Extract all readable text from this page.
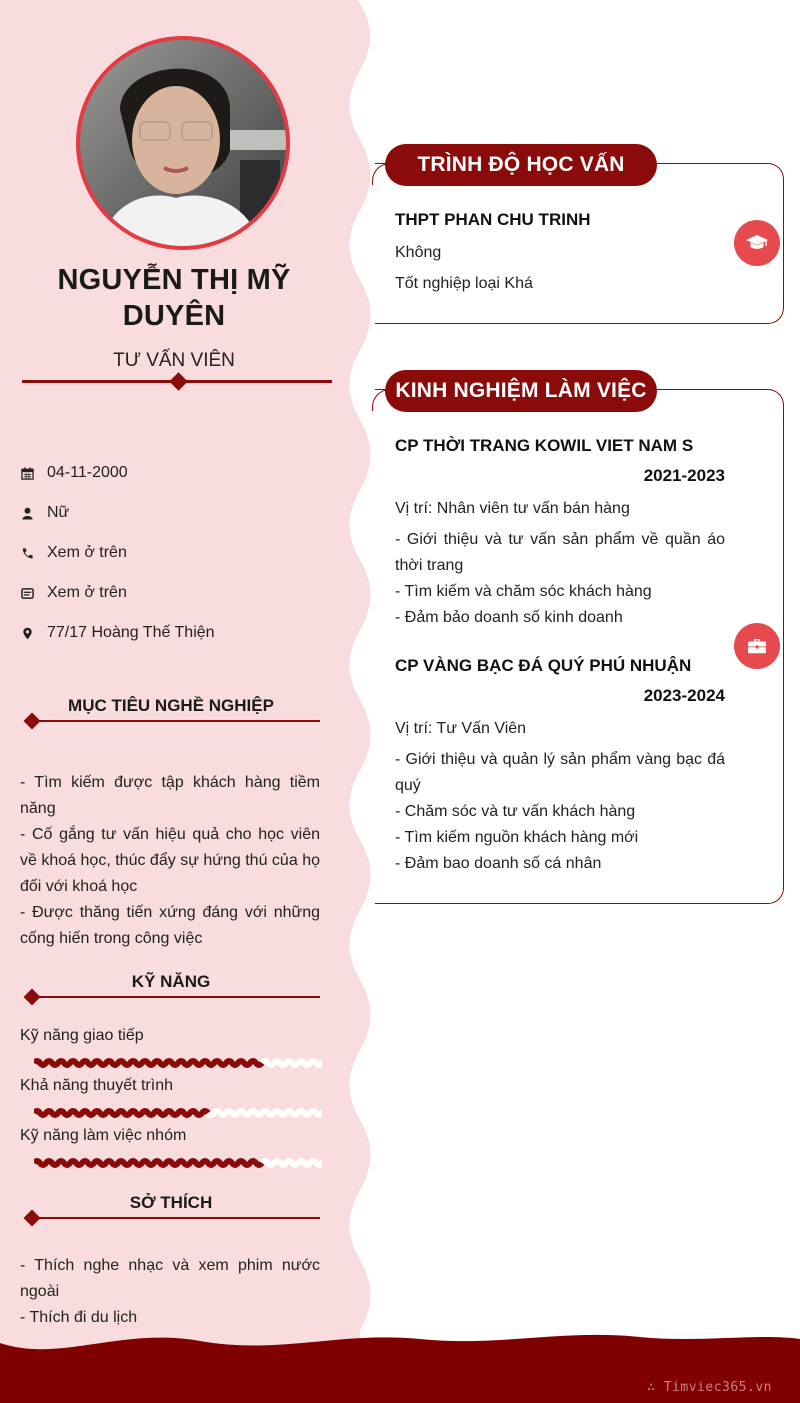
∴ Timviec365.vn
NGUYỄN THỊ MỸ
DUYÊN
TƯ VẤN VIÊN
04-11-2000
Nữ
Xem ở trên
Xem ở trên
77/17 Hoàng Thế Thiện
MỤC TIÊU NGHỀ NGHIỆP

- Tìm kiếm được tập khách hàng tiềm năng

- Cố gắng tư vấn hiệu quả cho học viên về khoá học, thúc đẩy sự hứng thú của họ đối với khoá học

- Được thăng tiến xứng đáng với những cống hiến trong công việc

KỸ NĂNG
Kỹ năng giao tiếp
Khả năng thuyết trình
Kỹ năng làm việc nhóm
SỞ THÍCH

- Thích nghe nhạc và xem phim nước ngoài

- Thích đi du lịch

TRÌNH ĐỘ HỌC VẤN
THPT PHAN CHU TRINH
Không
Tốt nghiệp loại Khá
KINH NGHIỆM LÀM VIỆC
CP THỜI TRANG KOWIL VIET NAM S
2021-2023
Vị trí: Nhân viên tư vấn bán hàng

- Giới thiệu và tư vấn sản phẩm về quần áo thời trang

- Tìm kiếm và chăm sóc khách hàng

- Đảm bảo doanh số kinh doanh

CP VÀNG BẠC ĐÁ QUÝ PHÚ NHUẬN
2023-2024
Vị trí: Tư Vấn Viên

- Giới thiệu và quản lý sản phẩm vàng bạc đá quý

- Chăm sóc và tư vấn khách hàng

- Tìm kiếm nguồn khách hàng mới

- Đảm bao doanh số cá nhân
